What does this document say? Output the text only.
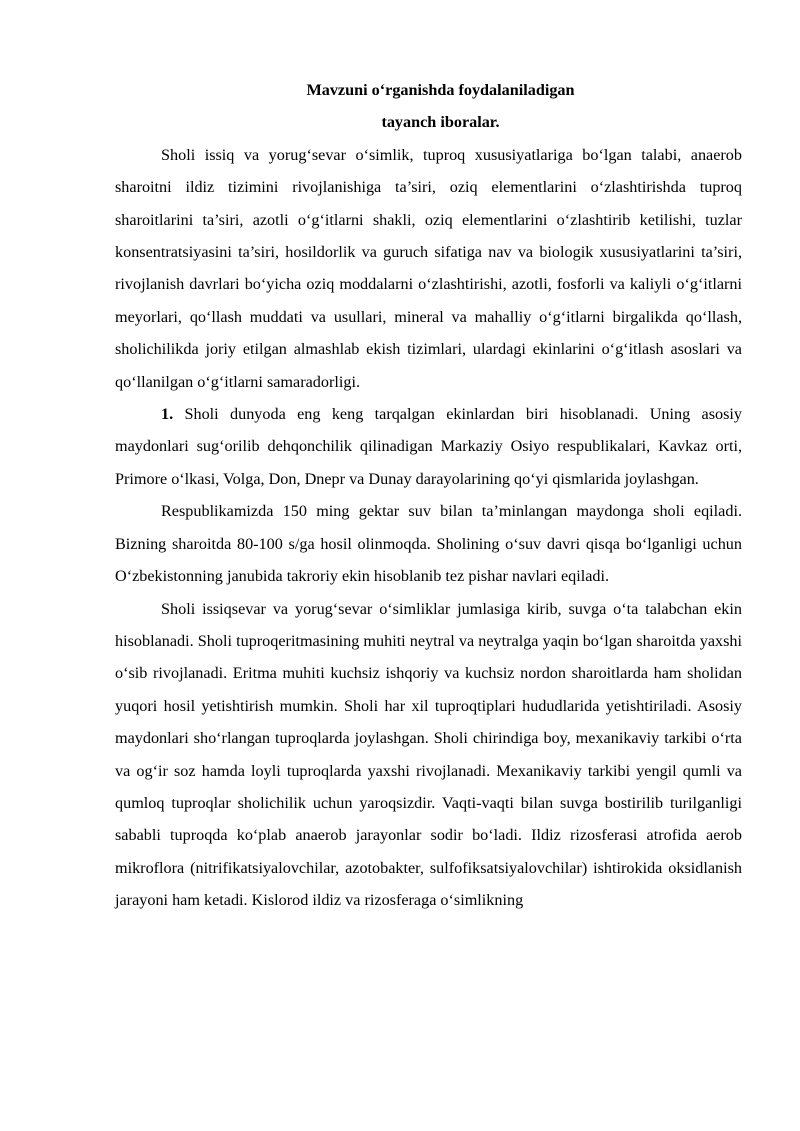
Mavzuni o‘rganishda foydalaniladigan

tayanch iboralar.

Sholi issiq va yorug‘sevar o‘simlik, tuproq xususiyatlariga bo‘lgan talabi, anaerob sharoitni ildiz tizimini rivojlanishiga ta’siri, oziq elementlarini o‘zlashtirishda tuproq sharoitlarini ta’siri, azotli o‘g‘itlarni shakli, oziq elementlarini o‘zlashtirib ketilishi, tuzlar konsentratsiyasini ta’siri, hosildorlik va guruch sifatiga nav va biologik xususiyatlarini ta’siri, rivojlanish davrlari bo‘yicha oziq moddalarni o‘zlashtirishi, azotli, fosforli va kaliyli o‘g‘itlarni meyorlari, qo‘llash muddati va usullari, mineral va mahalliy o‘g‘itlarni birgalikda qo‘llash, sholichilikda joriy etilgan almashlab ekish tizimlari, ulardagi ekinlarini o‘g‘itlash asoslari va qo‘llanilgan o‘g‘itlarni samaradorligi.

1. Sholi dunyoda eng keng tarqalgan ekinlardan biri hisoblanadi. Uning asosiy maydonlari sug‘orilib dehqonchilik qilinadigan Markaziy Osiyo respublikalari, Kavkaz orti, Primore o‘lkasi, Volga, Don, Dnepr va Dunay darayolarining qo‘yi qismlarida joylashgan.

Respublikamizda 150 ming gektar suv bilan ta’minlangan maydonga sholi eqiladi. Bizning sharoitda 80-100 s/ga hosil olinmoqda. Sholining o‘suv davri qisqa bo‘lganligi uchun O‘zbekistonning janubida takroriy ekin hisoblanib tez pishar navlari eqiladi.

Sholi issiqsevar va yorug‘sevar o‘simliklar jumlasiga kirib, suvga o‘ta talabchan ekin hisoblanadi. Sholi tuproqeritmasining muhiti neytral va neytralga yaqin bo‘lgan sharoitda yaxshi o‘sib rivojlanadi. Eritma muhiti kuchsiz ishqoriy va kuchsiz nordon sharoitlarda ham sholidan yuqori hosil yetishtirish mumkin. Sholi har xil tuproqtiplari hududlarida yetishtiriladi. Asosiy maydonlari sho‘rlangan tuproqlarda joylashgan. Sholi chirindiga boy, mexanikaviy tarkibi o‘rta va og‘ir soz hamda loyli tuproqlarda yaxshi rivojlanadi. Mexanikaviy tarkibi yengil qumli va qumloq tuproqlar sholichilik uchun yaroqsizdir. Vaqti-vaqti bilan suvga bostirilib turilganligi sababli tuproqda ko‘plab anaerob jarayonlar sodir bo‘ladi. Ildiz rizosferasi atrofida aerob mikroflora (nitrifikatsiyalovchilar, azotobakter, sulfofiksatsiyalovchilar) ishtirokida oksidlanish jarayoni ham ketadi. Kislorod ildiz va rizosferaga o‘simlikning
